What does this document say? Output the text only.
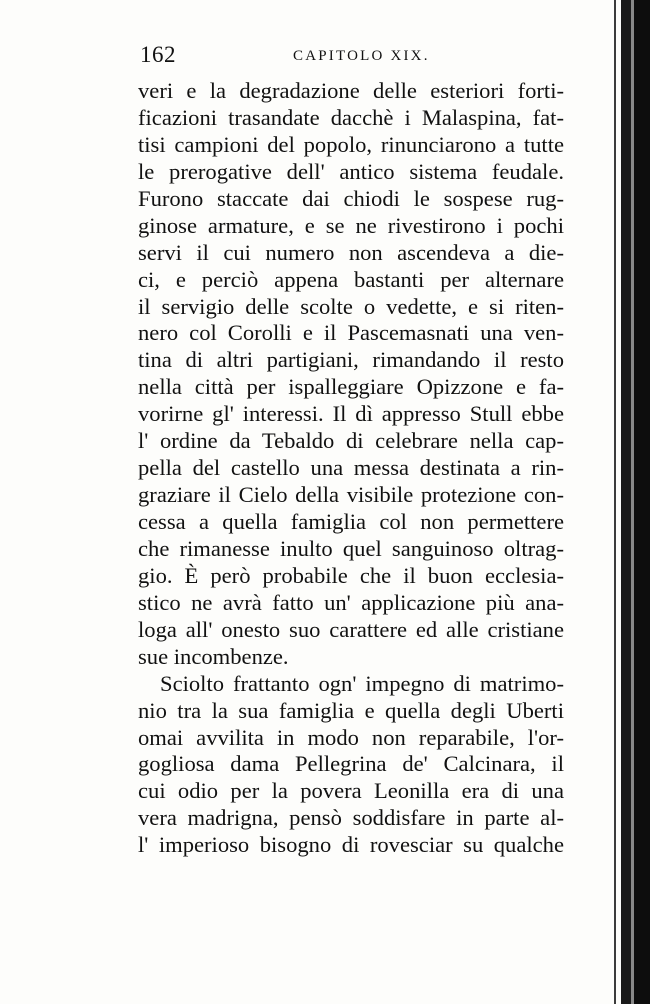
162	CAPITOLO XIX.
veri e la degradazione delle esteriori forti-
ficazioni trasandate dacchè i Malaspina, fat-
tisi campioni del popolo, rinunciarono a tutte
le prerogative dell' antico sistema feudale.
Furono staccate dai chiodi le sospese rug-
ginose armature, e se ne rivestirono i pochi
servi il cui numero non ascendeva a die-
ci, e perciò appena bastanti per alternare
il servigio delle scolte o vedette, e si riten-
nero col Corolli e il Pascemasnati una ven-
tina di altri partigiani, rimandando il resto
nella città per ispalleggiare Opizzone e fa-
vorirne gl' interessi. Il dì appresso Stull ebbe
l' ordine da Tebaldo di celebrare nella cap-
pella del castello una messa destinata a rin-
graziare il Cielo della visibile protezione con-
cessa a quella famiglia col non permettere
che rimanesse inulto quel sanguinoso oltrag-
gio. È però probabile che il buon ecclesia-
stico ne avrà fatto un' applicazione più ana-
loga all' onesto suo carattere ed alle cristiane
sue incombenze.
Sciolto frattanto ogn' impegno di matrimo-
nio tra la sua famiglia e quella degli Uberti
omai avvilita in modo non reparabile, l'or-
gogliosa dama Pellegrina de' Calcinara, il
cui odio per la povera Leonilla era di una
vera madrigna, pensò soddisfare in parte al-
l' imperioso bisogno di rovesciar su qualche
